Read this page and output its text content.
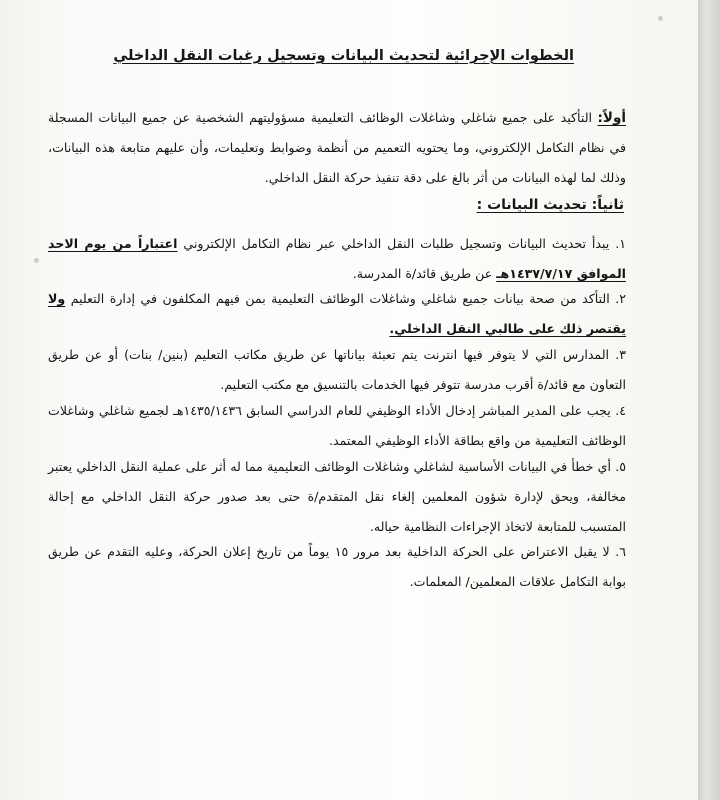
الخطوات الإجرائية لتحديث البيانات وتسجيل رغبات النقل الداخلي

أولاً: التأكيد على جميع شاغلي وشاغلات الوظائف التعليمية مسؤوليتهم الشخصية عن جميع البيانات المسجلة في نظام التكامل الإلكتروني، وما يحتويه التعميم من أنظمة وضوابط وتعليمات، وأن عليهم متابعة هذه البيانات، وذلك لما لهذه البيانات من أثر بالغ على دقة تنفيذ حركة النقل الداخلي.

ثانياً: تحديث البيانات :

١. يبدأ تحديث البيانات وتسجيل طلبات النقل الداخلي عبر نظام التكامل الإلكتروني اعتباراً من يوم الاحد الموافق ١٤٣٧/٧/١٧هـ عن طريق قائد/ة المدرسة.

٢. التأكد من صحة بيانات جميع شاغلي وشاغلات الوظائف التعليمية بمن فيهم المكلفون في إدارة التعليم ولا يقتصر ذلك على طالبي النقل الداخلي.

٣. المدارس التي لا يتوفر فيها انترنت يتم تعبئة بياناتها عن طريق مكاتب التعليم (بنين/ بنات) أو عن طريق التعاون مع قائد/ة أقرب مدرسة تتوفر فيها الخدمات بالتنسيق مع مكتب التعليم.

٤. يجب على المدير المباشر إدخال الأداء الوظيفي للعام الدراسي السابق ١٤٣٥/١٤٣٦هـ لجميع شاغلي وشاغلات الوظائف التعليمية من واقع بطاقة الأداء الوظيفي المعتمد.

٥. أي خطأ في البيانات الأساسية لشاغلي وشاغلات الوظائف التعليمية مما له أثر على عملية النقل الداخلي يعتبر مخالفة، ويحق لإدارة شؤون المعلمين إلغاء نقل المتقدم/ة حتى بعد صدور حركة النقل الداخلي مع إحالة المتسبب للمتابعة لاتخاذ الإجراءات النظامية حياله.

٦. لا يقبل الاعتراض على الحركة الداخلية بعد مرور ١٥ يوماً من تاريخ إعلان الحركة، وعليه التقدم عن طريق بوابة التكامل علاقات المعلمين/ المعلمات.
